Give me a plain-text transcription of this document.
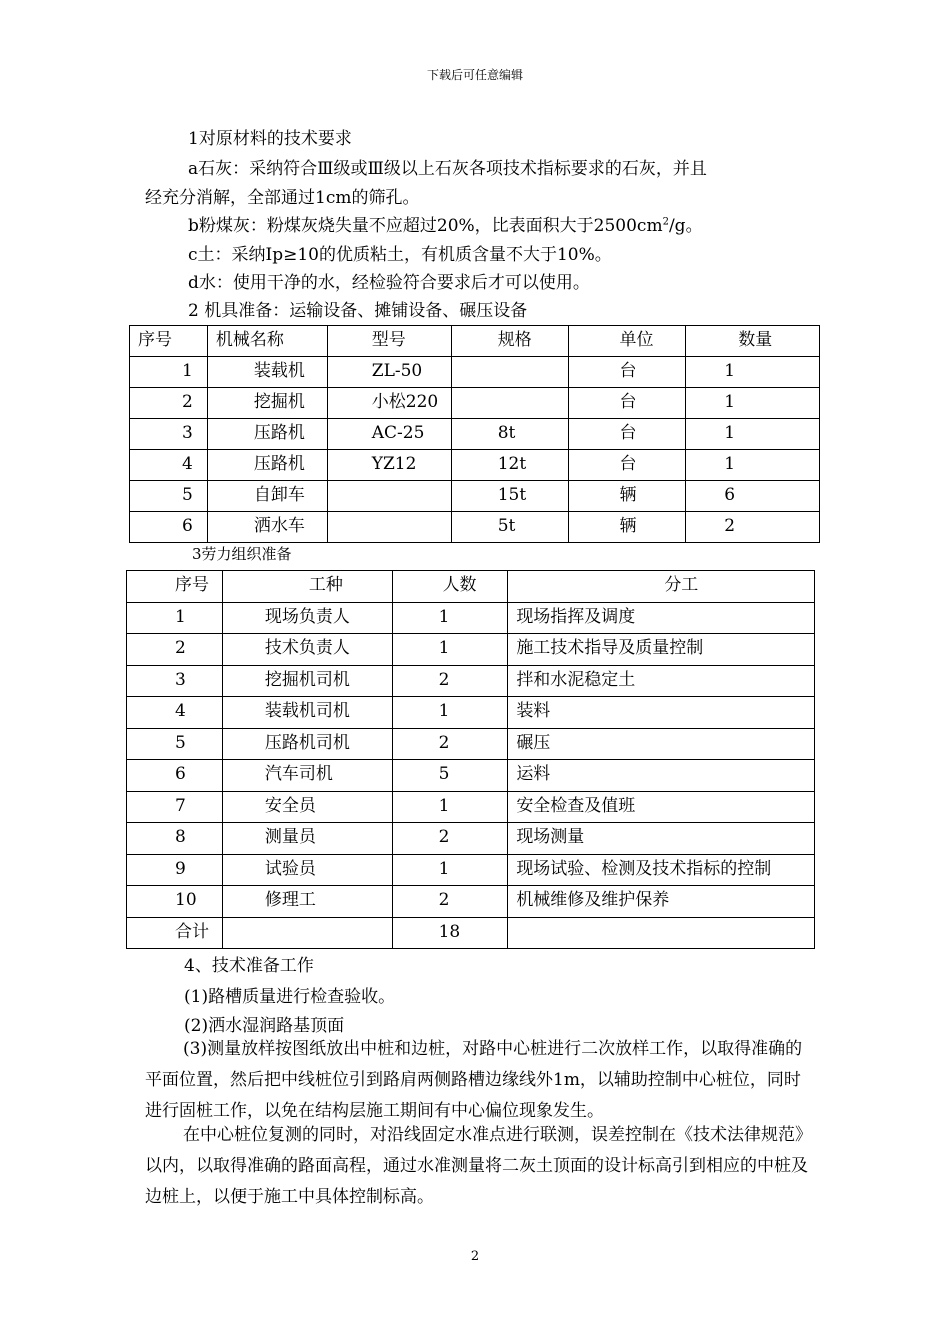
下载后可任意编辑
1对原材料的技术要求
a石灰：采纳符合Ⅲ级或Ⅲ级以上石灰各项技术指标要求的石灰，并且
经充分消解，全部通过1cm的筛孔。
b粉煤灰：粉煤灰烧失量不应超过20%，比表面积大于$2500cm^2/g$。
c土：采纳Ip≥10的优质粘土，有机质含量不大于10%。
d水：使用干净的水，经检验符合要求后才可以使用。
2 机具准备：运输设备、摊铺设备、碾压设备
序号	机械名称	型号	规格	单位	数量
1	装载机	ZL-50		台	1
2	挖掘机	小松220		台	1
3	压路机	AC-25	8t	台	1
4	压路机	YZ12	12t	台	1
5	自卸车		15t	辆	6
6	洒水车		5t	辆	2
3劳力组织准备
序号	工种	人数	分工
1	现场负责人	1	现场指挥及调度
2	技术负责人	1	施工技术指导及质量控制
3	挖掘机司机	2	拌和水泥稳定土
4	装载机司机	1	装料
5	压路机司机	2	碾压
6	汽车司机	5	运料
7	安全员	1	安全检查及值班
8	测量员	2	现场测量
9	试验员	1	现场试验、检测及技术指标的控制
10	修理工	2	机械维修及维护保养
合计		18	
4、技术准备工作
(1)路槽质量进行检查验收。
(2)洒水湿润路基顶面
(3)测量放样按图纸放出中桩和边桩，对路中心桩进行二次放样工作，以取得准确的平面位置，然后把中线桩位引到路肩两侧路槽边缘线外1m，以辅助控制中心桩位，同时进行固桩工作，以免在结构层施工期间有中心偏位现象发生。
在中心桩位复测的同时，对沿线固定水准点进行联测，误差控制在《技术法律规范》以内，以取得准确的路面高程，通过水准测量将二灰土顶面的设计标高引到相应的中桩及边桩上，以便于施工中具体控制标高。
2
